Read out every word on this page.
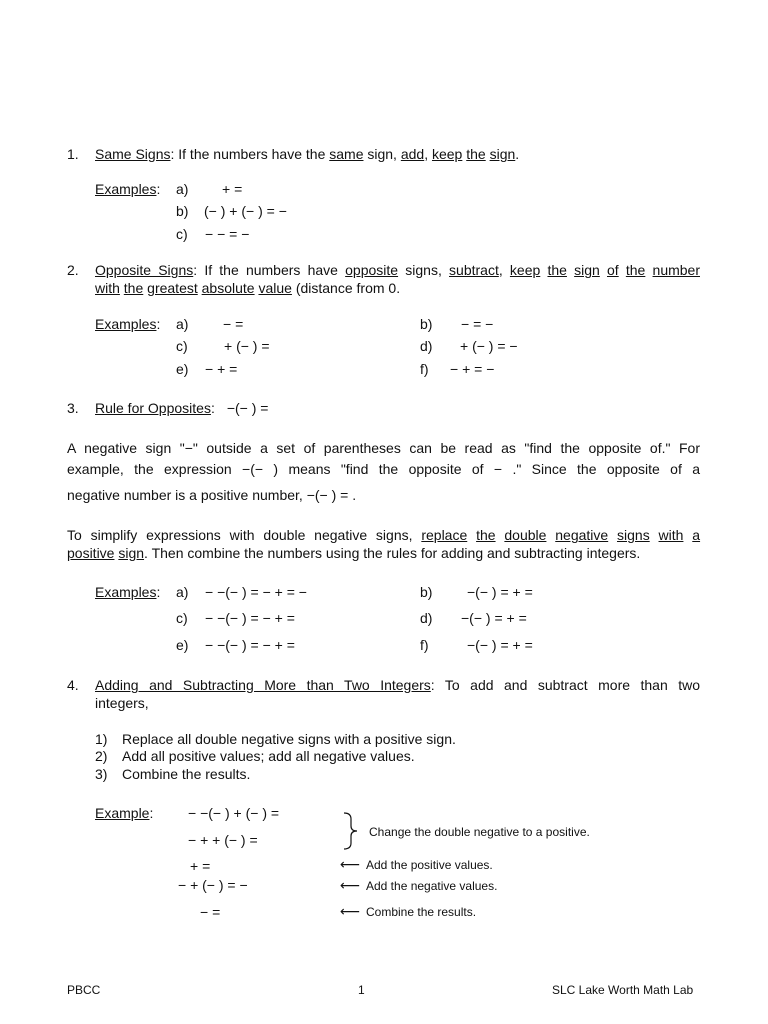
1. Same Signs: If the numbers have the same sign, add, keep the sign.
Examples: a) + =
b) (− ) + (− ) = −
c) − − = −
2. Opposite Signs: If the numbers have opposite signs, subtract, keep the sign of the number
with the greatest absolute value (distance from 0.
Examples: a) − =	b) − = −
c)	+ (− ) =	d) + (− ) = −
e) − + =	f) − + = −
3. Rule for Opposites: −(− ) =
A negative sign "−" outside a set of parentheses can be read as "find the opposite of." For
example, the expression −(− ) means "find the opposite of − ." Since the opposite of a
negative number is a positive number, −(− ) = .
To simplify expressions with double negative signs, replace the double negative signs with a
positive sign. Then combine the numbers using the rules for adding and subtracting integers.
Examples: a) − −(− ) = − + = −	b) −(− ) = + =
c) − −(− ) = − + =	d) −(− ) = + =
e) − −(− ) = − + =	f)	−(− ) = + =
4. Adding and Subtracting More than Two Integers: To add and subtract more than two
integers,
1) Replace all double negative signs with a positive sign.
2) Add all positive values; add all negative values.
3) Combine the results.
Example: − −(− ) + (− ) =
− + + (− ) =
+ =
− + (− ) = −
− =
Change the double negative to a positive.
⟵ Add the positive values.
⟵ Add the negative values.
⟵ Combine the results.
PBCC	1	SLC Lake Worth Math Lab
